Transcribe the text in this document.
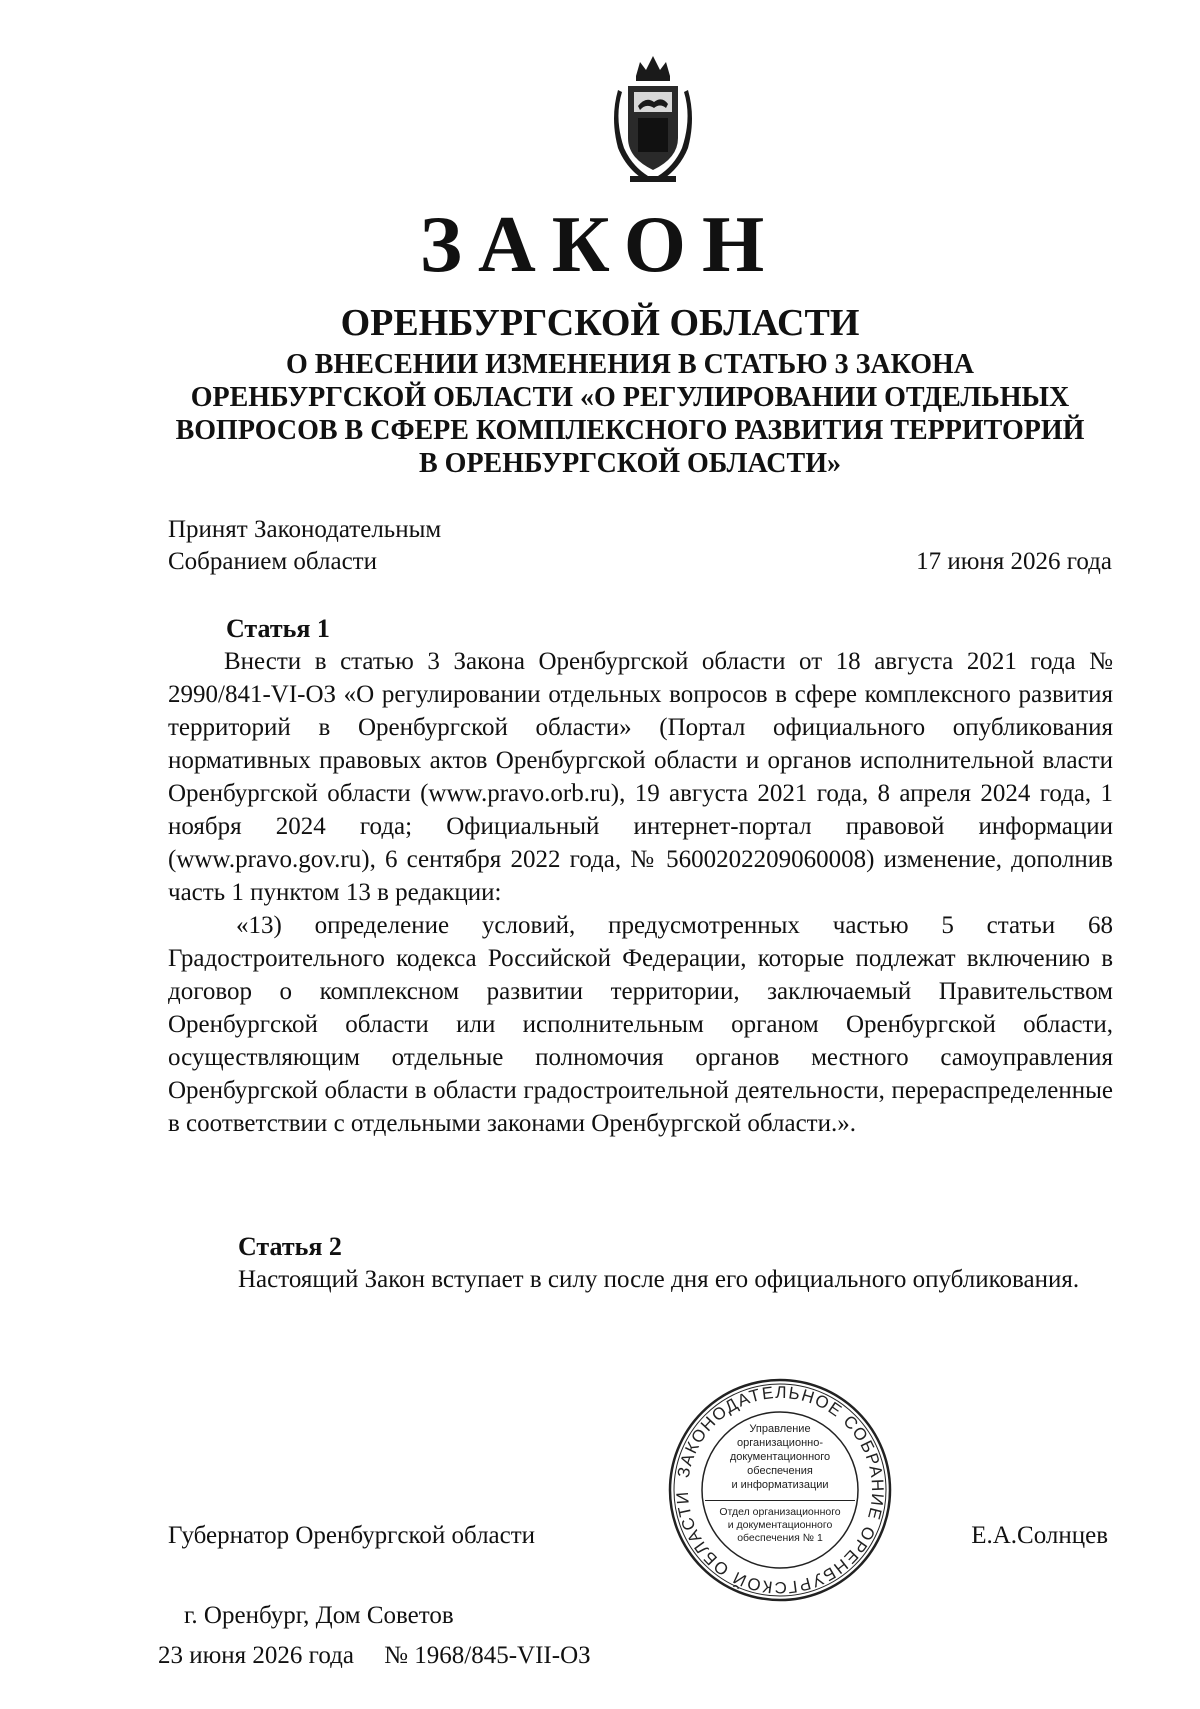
ЗАКОН
ОРЕНБУРГСКОЙ ОБЛАСТИ
О ВНЕСЕНИИ ИЗМЕНЕНИЯ В СТАТЬЮ 3 ЗАКОНА
ОРЕНБУРГСКОЙ ОБЛАСТИ «О РЕГУЛИРОВАНИИ ОТДЕЛЬНЫХ
ВОПРОСОВ В СФЕРЕ КОМПЛЕКСНОГО РАЗВИТИЯ ТЕРРИТОРИЙ
В ОРЕНБУРГСКОЙ ОБЛАСТИ»
Принят Законодательным
Собранием области	17 июня 2026 года
Статья 1

Внести в статью 3 Закона Оренбургской области от 18 августа 2021 года № 2990/841-VI-ОЗ «О регулировании отдельных вопросов в сфере комплексного развития территорий в Оренбургской области» (Портал официального опубликования нормативных правовых актов Оренбургской области и органов исполнительной власти Оренбургской области (www.pravo.orb.ru), 19 августа 2021 года, 8 апреля 2024 года, 1 ноября 2024 года; Официальный интернет-портал правовой информации (www.pravo.gov.ru), 6 сентября 2022 года, № 5600202209060008) изменение, дополнив часть 1 пунктом 13 в редакции:

«13) определение условий, предусмотренных частью 5 статьи 68 Градостроительного кодекса Российской Федерации, которые подлежат включению в договор о комплексном развитии территории, заключаемый Правительством Оренбургской области или исполнительным органом Оренбургской области, осуществляющим отдельные полномочия органов местного самоуправления Оренбургской области в области градостроительной деятельности, перераспределенные в соответствии с отдельными законами Оренбургской области.».

Статья 2

Настоящий Закон вступает в силу после дня его официального опубликования.

ЗАКОНОДАТЕЛЬНОЕ СОБРАНИЕ ОРЕНБУРГСКОЙ ОБЛАСТИ
Управление
организационно-
документационного
обеспечения
и информатизации
Отдел организационного
и документационного
обеспечения № 1
Губернатор Оренбургской области	Е.А.Солнцев
г. Оренбург, Дом Советов
23 июня 2026 года № 1968/845-VII-ОЗ
